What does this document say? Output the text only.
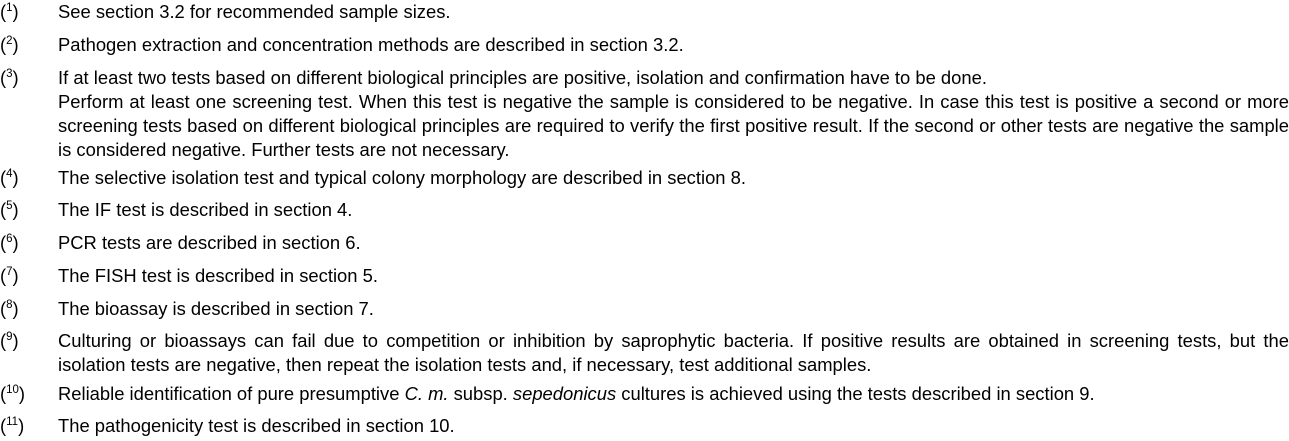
($^1$) See section 3.2 for recommended sample sizes.
($^2$) Pathogen extraction and concentration methods are described in section 3.2.
($^3$) If at least two tests based on different biological principles are positive, isolation and confirmation have to be done.
Perform at least one screening test. When this test is negative the sample is considered to be negative. In case this test is positive a second or more screening tests based on different biological principles are required to verify the first positive result. If the second or other tests are negative the sample is considered negative. Further tests are not necessary.
($^4$) The selective isolation test and typical colony morphology are described in section 8.
($^5$) The IF test is described in section 4.
($^6$) PCR tests are described in section 6.
($^7$) The FISH test is described in section 5.
($^8$) The bioassay is described in section 7.
($^9$) Culturing or bioassays can fail due to competition or inhibition by saprophytic bacteria. If positive results are obtained in screening tests, but the isolation tests are negative, then repeat the isolation tests and, if necessary, test additional samples.
($^{10}$) Reliable identification of pure presumptive C. m. subsp. sepedonicus cultures is achieved using the tests described in section 9.
($^{11}$) The pathogenicity test is described in section 10.
